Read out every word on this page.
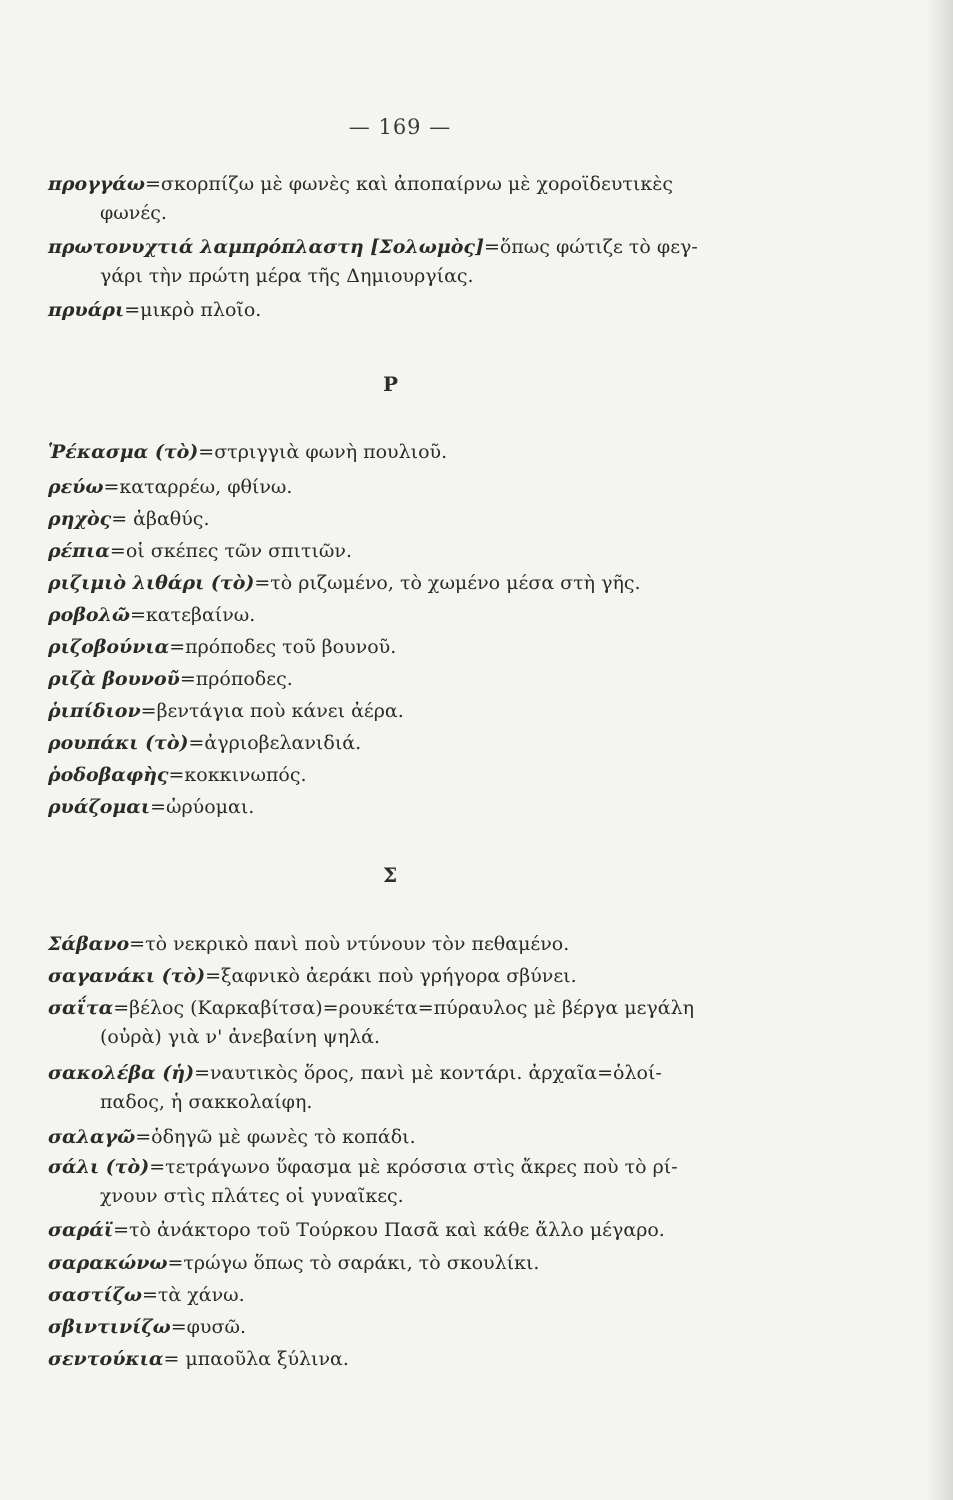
— 169 —
Ρ
Σ
προγγάω=σκορπίζω μὲ φωνὲς καὶ ἀποπαίρνω μὲ χοροϊδευτικὲς
φωνές.
πρωτονυχτιά λαμπρόπλαστη [Σολωμὸς]=ὅπως φώτιζε τὸ φεγ-
γάρι τὴν πρώτη μέρα τῆς Δημιουργίας.
πρυάρι=μικρὸ πλοῖο.
Ῥέκασμα (τὸ)=στριγγιὰ φωνὴ πουλιοῦ.
ρεύω=καταρρέω, φθίνω.
ρηχὸς= ἀβαθύς.
ρέπια=οἱ σκέπες τῶν σπιτιῶν.
ριζιμιὸ λιθάρι (τὸ)=τὸ ριζωμένο, τὸ χωμένο μέσα στὴ γῆς.
ροβολῶ=κατεβαίνω.
ριζοβούνια=πρόποδες τοῦ βουνοῦ.
ριζὰ βουνοῦ=πρόποδες.
ῥιπίδιον=βεντάγια ποὺ κάνει ἀέρα.
ρουπάκι (τὸ)=ἀγριοβελανιδιά.
ῥοδοβαφὴς=κοκκινωπός.
ρυάζομαι=ὠρύομαι.
Σάβανο=τὸ νεκρικὸ πανὶ ποὺ ντύνουν τὸν πεθαμένο.
σαγανάκι (τὸ)=ξαφνικὸ ἀεράκι ποὺ γρήγορα σβύνει.
σαΐτα=βέλος (Καρκαβίτσα)=ρουκέτα=πύραυλος μὲ βέργα μεγάλη
(οὐρὰ) γιὰ ν' ἀνεβαίνη ψηλά.
σακολέβα (ἡ)=ναυτικὸς ὅρος, πανὶ μὲ κοντάρι. ἀρχαῖα=ὁλοί-
παδος, ἡ σακκολαίφη.
σαλαγῶ=ὁδηγῶ μὲ φωνὲς τὸ κοπάδι.
σάλι (τὸ)=τετράγωνο ὕφασμα μὲ κρόσσια στὶς ἄκρες ποὺ τὸ ρί-
χνουν στὶς πλάτες οἱ γυναῖκες.
σαράϊ=τὸ ἀνάκτορο τοῦ Τούρκου Πασᾶ καὶ κάθε ἄλλο μέγαρο.
σαρακώνω=τρώγω ὅπως τὸ σαράκι, τὸ σκουλίκι.
σαστίζω=τὰ χάνω.
σβιντινίζω=φυσῶ.
σεντούκια= μπαοῦλα ξύλινα.
